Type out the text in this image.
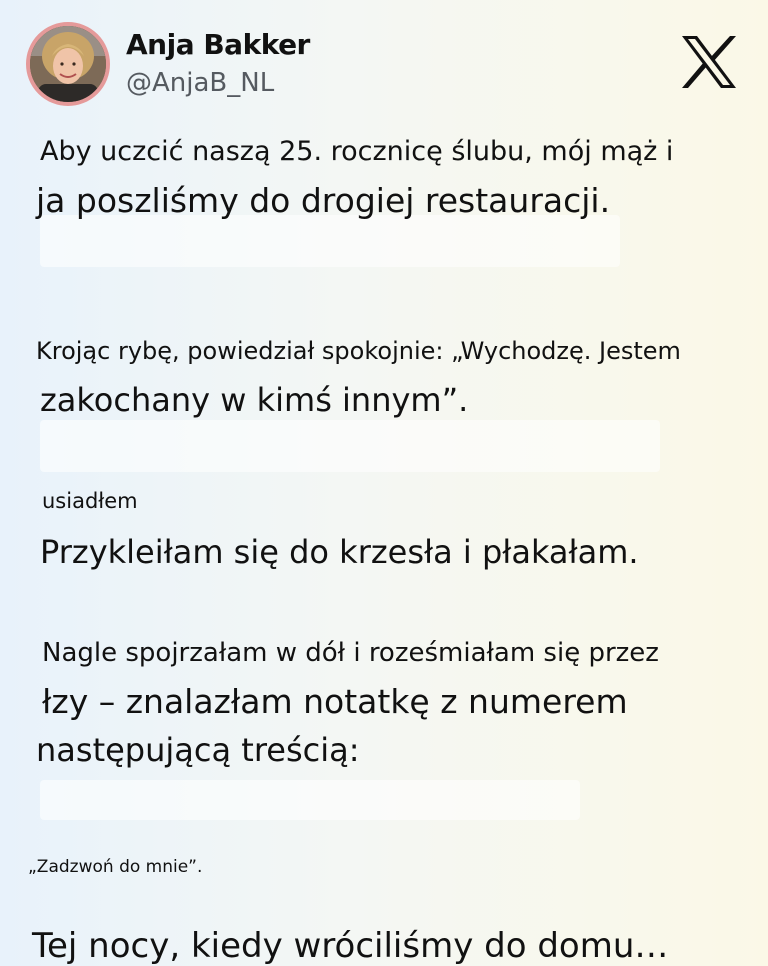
Anja Bakker
@AnjaB_NL

Aby uczcić naszą 25. rocznicę ślubu, mój mąż i

ja poszliśmy do drogiej restauracji.

Krojąc rybę, powiedział spokojnie: „Wychodzę. Jestem

zakochany w kimś innym”.

usiadłem

Przykleiłam się do krzesła i płakałam.

Nagle spojrzałam w dół i roześmiałam się przez

łzy – znalazłam notatkę z numerem

następującą treścią:

„Zadzwoń do mnie”.

Tej nocy, kiedy wróciliśmy do domu…
